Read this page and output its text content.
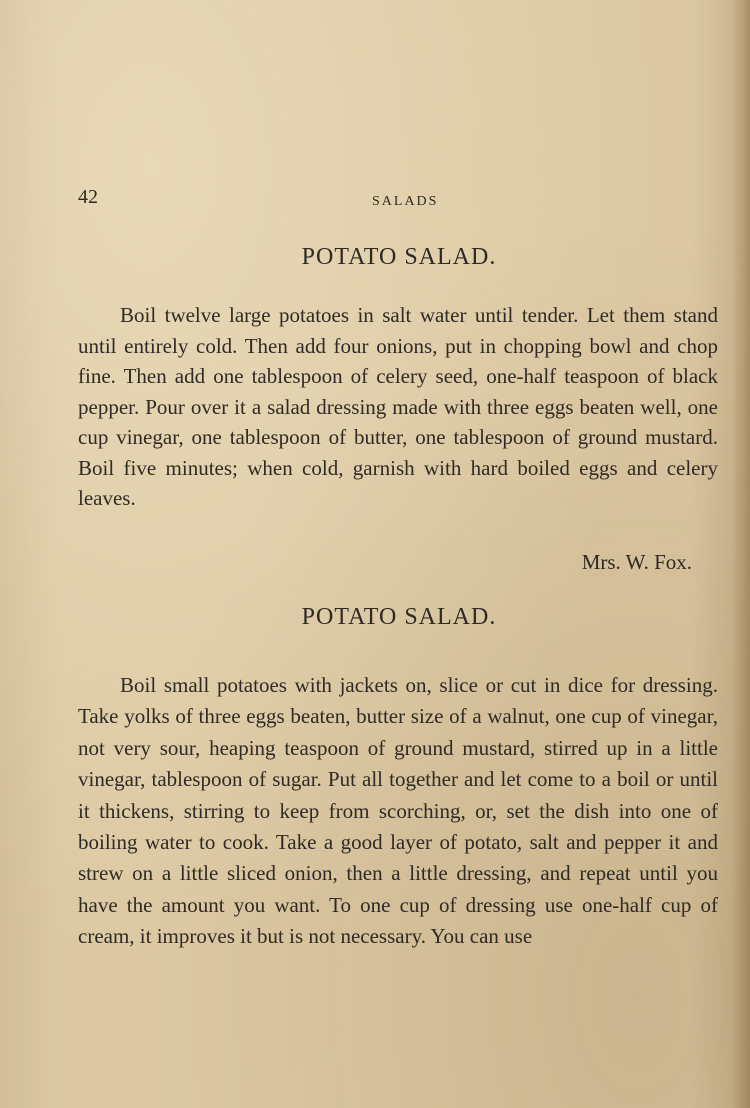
42	SALADS
POTATO SALAD.
Boil twelve large potatoes in salt water until tender. Let them stand until entirely cold. Then add four onions, put in chopping bowl and chop fine. Then add one tablespoon of celery seed, one-half teaspoon of black pepper. Pour over it a salad dressing made with three eggs beaten well, one cup vinegar, one tablespoon of butter, one tablespoon of ground mustard. Boil five minutes; when cold, garnish with hard boiled eggs and celery leaves.
Mrs. W. Fox.
POTATO SALAD.
Boil small potatoes with jackets on, slice or cut in dice for dressing. Take yolks of three eggs beaten, butter size of a walnut, one cup of vinegar, not very sour, heaping teaspoon of ground mustard, stirred up in a little vinegar, tablespoon of sugar. Put all together and let come to a boil or until it thickens, stirring to keep from scorching, or, set the dish into one of boiling water to cook. Take a good layer of potato, salt and pepper it and strew on a little sliced onion, then a little dressing, and repeat until you have the amount you want. To one cup of dressing use one-half cup of cream, it improves it but is not necessary. You can use
